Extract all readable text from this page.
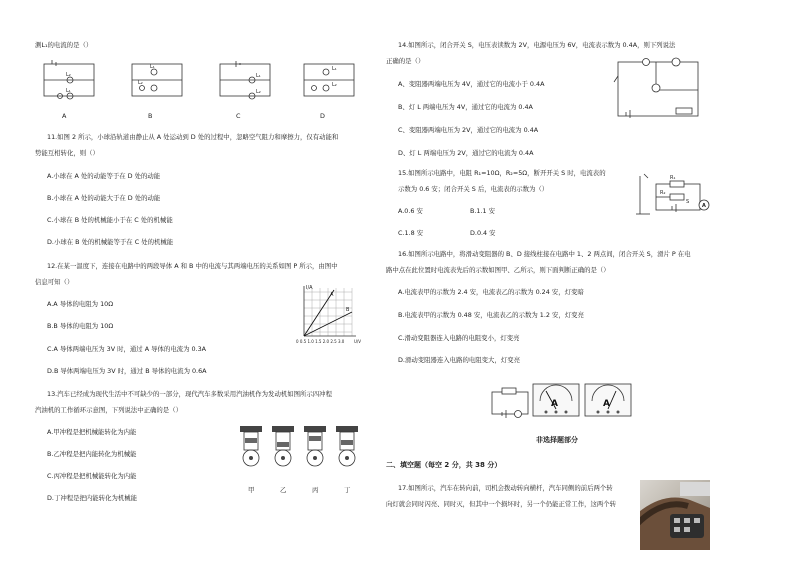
测L₁的电流的是（）
L₂
L₁
L₁
L₂
L₁
L₂
L₁
L₂
A	B	C	D
11.如图 2 所示，小球沿轨道由静止从 A 处运动到 D 处的过程中，忽略空气阻力和摩擦力，仅有动能和
势能互相转化，则（）
A.小球在 A 处的动能等于在 D 处的动能
B.小球在 A 处的动能大于在 D 处的动能
C.小球在 B 处的机械能小于在 C 处的机械能
D.小球在 B 处的机械能等于在 C 处的机械能
12.在某一温度下，连接在电路中的两段导体 A 和 B 中的电流与其两端电压的关系如图 P 所示，由图中
信息可知（）
A.A 导体的电阻为 10Ω
B.B 导体的电阻为 10Ω
C.A 导体两端电压为 3V 时，通过 A 导体的电流为 0.3A
D.B 导体两端电压为 3V 时，通过 B 导体的电流为 0.6A
I/A
A
B
0 0.5 1.0 1.5 2.0 2.5 3.0 U/V
13.汽车已经成为现代生活中不可缺少的一部分，现代汽车多数采用汽油机作为发动机如图所示四冲程
汽油机的工作循环示意图，下列说法中正确的是（）
A.甲冲程是把机械能转化为内能
B.乙冲程是把内能转化为机械能
C.丙冲程是把机械能转化为内能
D.丁冲程是把内能转化为机械能
甲	乙	丙	丁
14.如图所示，闭合开关 S，电压表读数为 2V，电源电压为 6V，电流表示数为 0.4A，则下列说法
正确的是（）
A、变阻器两端电压为 4V，通过它的电流小于 0.4A
B、灯 L 两端电压为 4V，通过它的电流为 0.4A
C、变阻器两端电压为 2V，通过它的电流为 0.4A
D、灯 L 两端电压为 2V，通过它的电流为 0.4A
15.如图所示电路中，电阻 R₁=10Ω，R₂=5Ω，断开开关 S 时，电流表的
示数为 0.6 安；闭合开关 S 后，电流表的示数为（）
A.0.6 安	B.1.1 安
C.1.8 安	D.0.4 安
R₁
R₂
S
A
16.如图所示电路中，将滑动变阻器的 B、D 接线柱接在电路中 1、2 两点间，闭合开关 S，滑片 P 在电
路中点在此位置时电流表先后的示数如图甲、乙所示，则下面判断正确的是（）
A.电流表甲的示数为 2.4 安，电流表乙的示数为 0.24 安，灯变暗
B.电流表甲的示数为 0.48 安，电流表乙的示数为 1.2 安，灯变亮
C.滑动变阻器连入电路的电阻变小，灯变亮
D.滑动变阻器连入电路的电阻变大，灯变亮
A	A
非选择题部分
二、填空题（每空 2 分，共 38 分）
17.如图所示，汽车在转向前，司机会拨动转向横杆，汽车同侧的前后两个转
向灯就会同时闪亮、同时灭，但其中一个损坏时，另一个仍能正常工作，这两个转
